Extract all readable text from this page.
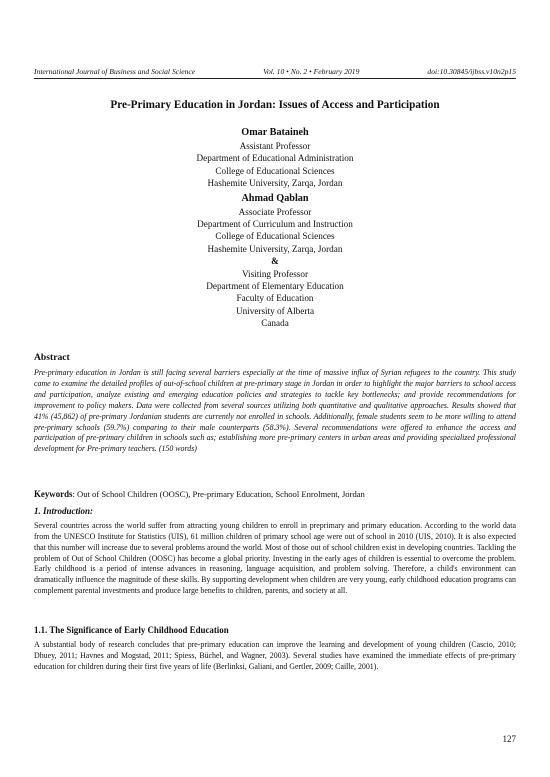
International Journal of Business and Social Science	Vol. 10 • No. 2 • February 2019	doi:10.30845/ijbss.v10n2p15
Pre-Primary Education in Jordan: Issues of Access and Participation
Omar Bataineh
Assistant Professor
Department of Educational Administration
College of Educational Sciences
Hashemite University, Zarqa, Jordan
Ahmad Qablan
Associate Professor
Department of Curriculum and Instruction
College of Educational Sciences
Hashemite University, Zarqa, Jordan
&
Visiting Professor
Department of Elementary Education
Faculty of Education
University of Alberta
Canada
Abstract

Pre-primary education in Jordan is still facing several barriers especially at the time of massive influx of Syrian refugees to the country. This study came to examine the detailed profiles of out-of-school children at pre-primary stage in Jordan in order to highlight the major barriers to school access and participation, analyze existing and emerging education policies and strategies to tackle key bottlenecks; and provide recommendations for improvement to policy makers. Data were collected from several sources utilizing both quantitative and qualitative approaches. Results showed that 41% (45,862) of pre-primary Jordanian students are currently not enrolled in schools. Additionally, female students seem to be more willing to attend pre-primary schools (59.7%) comparing to their male counterparts (58.3%). Several recommendations were offered to enhance the access and participation of pre-primary children in schools such as; establishing more pre-primary centers in urban areas and providing specialized professional development for Pre-primary teachers. (150 words)

Keywords: Out of School Children (OOSC), Pre-primary Education, School Enrolment, Jordan
1. Introduction:

Several countries across the world suffer from attracting young children to enroll in preprimary and primary education. According to the world data from the UNESCO Institute for Statistics (UIS), 61 million children of primary school age were out of school in 2010 (UIS, 2010). It is also expected that this number will increase due to several problems around the world. Most of those out of school children exist in developing countries. Tackling the problem of Out of School Children (OOSC) has become a global priority. Investing in the early ages of children is essential to overcome the problem. Early childhood is a period of intense advances in reasoning, language acquisition, and problem solving. Therefore, a child's environment can dramatically influence the magnitude of these skills. By supporting development when children are very young, early childhood education programs can complement parental investments and produce large benefits to children, parents, and society at all.

1.1. The Significance of Early Childhood Education

A substantial body of research concludes that pre-primary education can improve the learning and development of young children (Cascio, 2010; Dhuey, 2011; Havnes and Mogstad, 2011; Spiess, Büchel, and Wagner, 2003). Several studies have examined the immediate effects of pre-primary education for children during their first five years of life (Berlinksi, Galiani, and Gertler, 2009; Caille, 2001).

127
